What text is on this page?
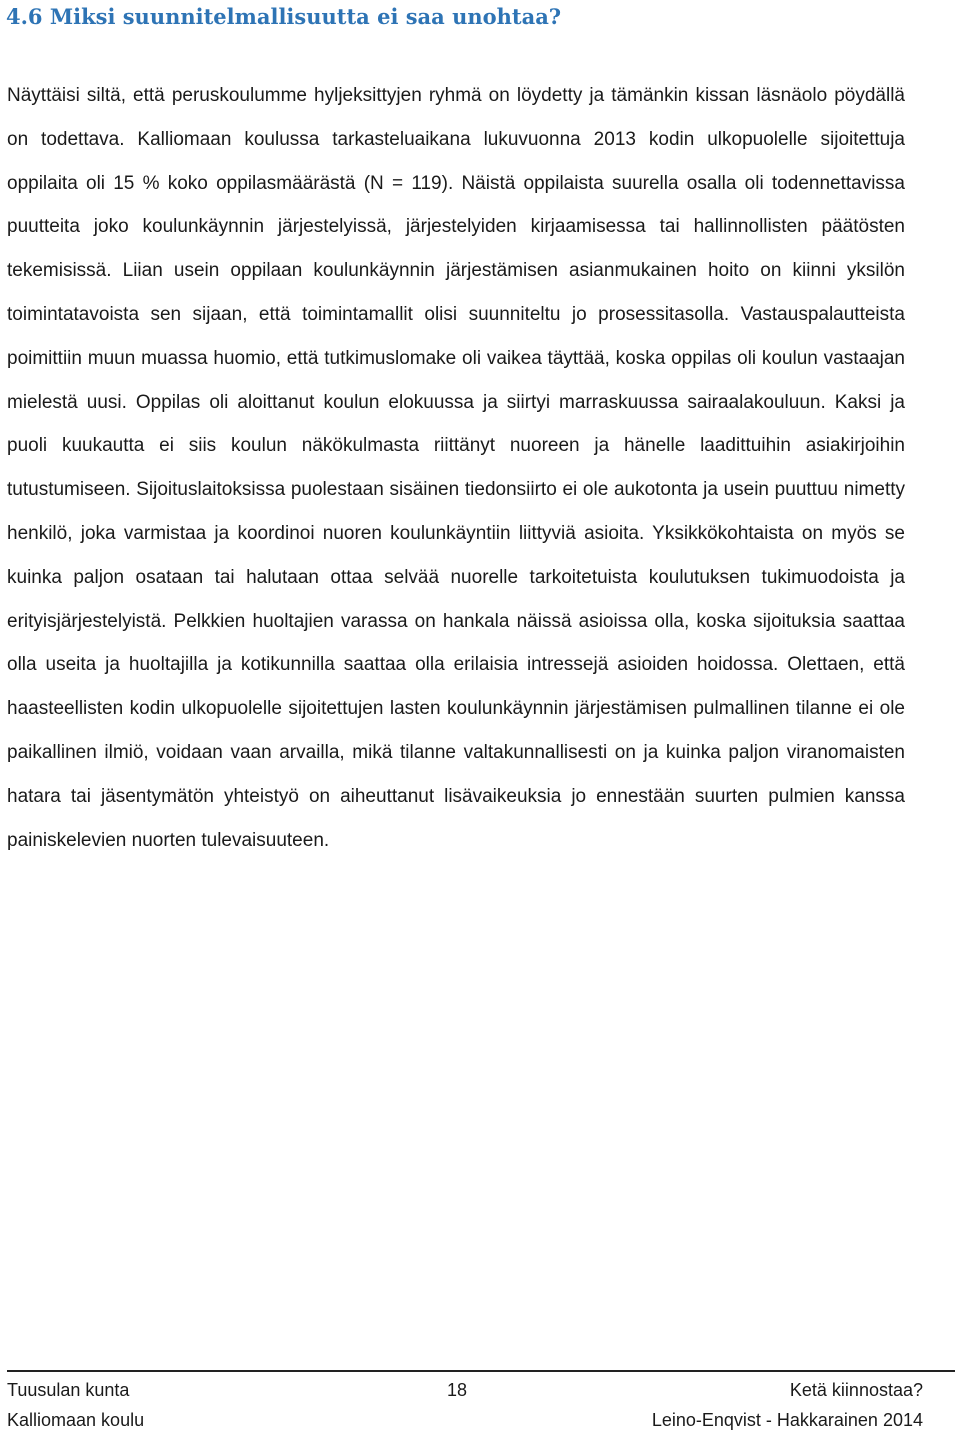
4.6 Miksi suunnitelmallisuutta ei saa unohtaa?

Näyttäisi siltä, että peruskoulumme hyljeksittyjen ryhmä on löydetty ja tämänkin kissan läsnäolo pöydällä on todettava. Kalliomaan koulussa tarkasteluaikana lukuvuonna 2013 kodin ulkopuolelle sijoitettuja oppilaita oli 15 % koko oppilasmäärästä (N = 119). Näistä oppilaista suurella osalla oli todennettavissa puutteita joko koulunkäynnin järjestelyissä, järjestelyiden kirjaamisessa tai hallinnollisten päätösten tekemisissä. Liian usein oppilaan koulunkäynnin järjestämisen asianmukainen hoito on kiinni yksilön toimintatavoista sen sijaan, että toimintamallit olisi suunniteltu jo prosessitasolla. Vastauspalautteista poimittiin muun muassa huomio, että tutkimuslomake oli vaikea täyttää, koska oppilas oli koulun vastaajan mielestä uusi. Oppilas oli aloittanut koulun elokuussa ja siirtyi marraskuussa sairaalakouluun. Kaksi ja puoli kuukautta ei siis koulun näkökulmasta riittänyt nuoreen ja hänelle laadittuihin asiakirjoihin tutustumiseen. Sijoituslaitoksissa puolestaan sisäinen tiedonsiirto ei ole aukotonta ja usein puuttuu nimetty henkilö, joka varmistaa ja koordinoi nuoren koulunkäyntiin liittyviä asioita. Yksikkökohtaista on myös se kuinka paljon osataan tai halutaan ottaa selvää nuorelle tarkoitetuista koulutuksen tukimuodoista ja erityisjärjestelyistä. Pelkkien huoltajien varassa on hankala näissä asioissa olla, koska sijoituksia saattaa olla useita ja huoltajilla ja kotikunnilla saattaa olla erilaisia intressejä asioiden hoidossa. Olettaen, että haasteellisten kodin ulkopuolelle sijoitettujen lasten koulunkäynnin järjestämisen pulmallinen tilanne ei ole paikallinen ilmiö, voidaan vaan arvailla, mikä tilanne valtakunnallisesti on ja kuinka paljon viranomaisten hatara tai jäsentymätön yhteistyö on aiheuttanut lisävaikeuksia jo ennestään suurten pulmien kanssa painiskelevien nuorten tulevaisuuteen.

Tuusulan kunta	18	Ketä kiinnostaa?
Kalliomaan koulu	Leino-Enqvist - Hakkarainen 2014
